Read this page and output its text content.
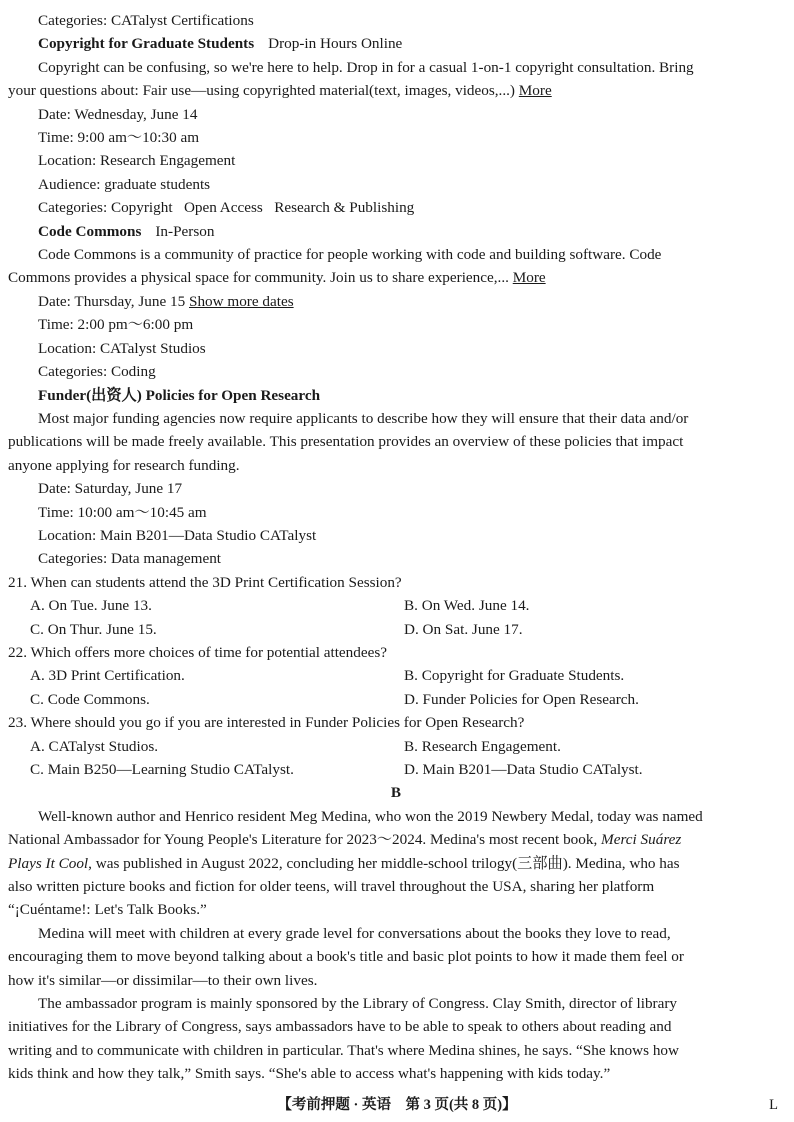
Categories: CATalyst Certifications
Copyright for Graduate Students Drop-in Hours Online
Copyright can be confusing, so we're here to help. Drop in for a casual 1-on-1 copyright consultation. Bring
your questions about: Fair use—using copyrighted material(text, images, videos,...) More
Date: Wednesday, June 14
Time: 9:00 am～10:30 am
Location: Research Engagement
Audience: graduate students
Categories: Copyright   Open Access   Research & Publishing
Code Commons In-Person
Code Commons is a community of practice for people working with code and building software. Code
Commons provides a physical space for community. Join us to share experience,... More
Date: Thursday, June 15 Show more dates
Time: 2:00 pm～6:00 pm
Location: CATalyst Studios
Categories: Coding
Funder(出资人) Policies for Open Research
Most major funding agencies now require applicants to describe how they will ensure that their data and/or
publications will be made freely available. This presentation provides an overview of these policies that impact
anyone applying for research funding.
Date: Saturday, June 17
Time: 10:00 am～10:45 am
Location: Main B201—Data Studio CATalyst
Categories: Data management
21. When can students attend the 3D Print Certification Session?
A. On Tue. June 13.	B. On Wed. June 14.
C. On Thur. June 15.	D. On Sat. June 17.
22. Which offers more choices of time for potential attendees?
A. 3D Print Certification.	B. Copyright for Graduate Students.
C. Code Commons.	D. Funder Policies for Open Research.
23. Where should you go if you are interested in Funder Policies for Open Research?
A. CATalyst Studios.	B. Research Engagement.
C. Main B250—Learning Studio CATalyst.	D. Main B201—Data Studio CATalyst.
B
Well-known author and Henrico resident Meg Medina, who won the 2019 Newbery Medal, today was named
National Ambassador for Young People's Literature for 2023～2024. Medina's most recent book, Merci Suárez
Plays It Cool, was published in August 2022, concluding her middle-school trilogy(三部曲). Medina, who has
also written picture books and fiction for older teens, will travel throughout the USA, sharing her platform
“¡Cuéntame!: Let's Talk Books.”
Medina will meet with children at every grade level for conversations about the books they love to read,
encouraging them to move beyond talking about a book's title and basic plot points to how it made them feel or
how it's similar—or dissimilar—to their own lives.
The ambassador program is mainly sponsored by the Library of Congress. Clay Smith, director of library
initiatives for the Library of Congress, says ambassadors have to be able to speak to others about reading and
writing and to communicate with children in particular. That's where Medina shines, he says. “She knows how
kids think and how they talk,” Smith says. “She's able to access what's happening with kids today.”
【考前押题 · 英语　第 3 页(共 8 页)】	L
